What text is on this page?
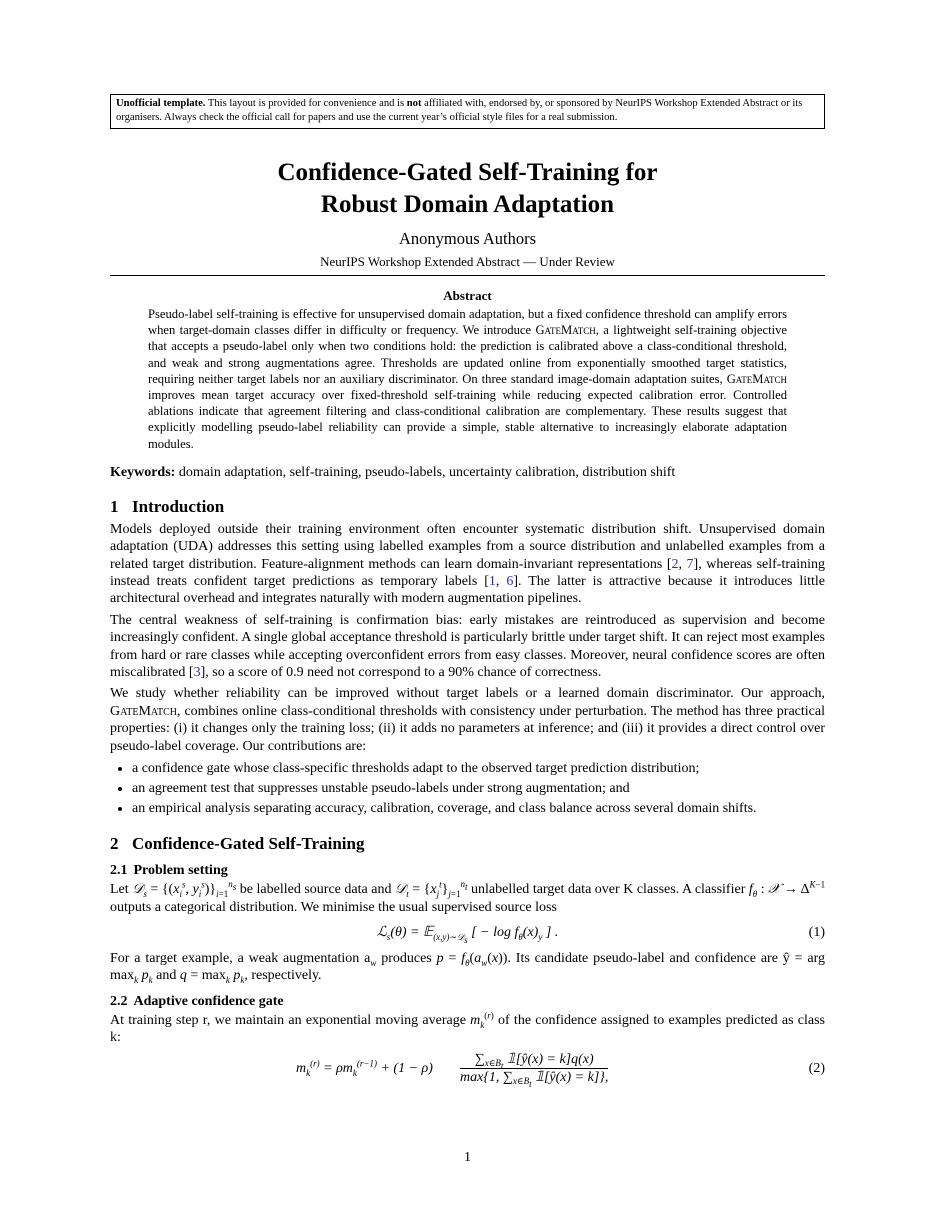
Unofficial template. This layout is provided for convenience and is not affiliated with, endorsed by, or sponsored by NeurIPS Workshop Extended Abstract or its organisers. Always check the official call for papers and use the current year’s official style files for a real submission.
Confidence-Gated Self-Training for
Robust Domain Adaptation
Anonymous Authors
NeurIPS Workshop Extended Abstract — Under Review
Abstract
Pseudo-label self-training is effective for unsupervised domain adaptation, but a fixed confidence threshold can amplify errors when target-domain classes differ in difficulty or frequency. We introduce GateMatch, a lightweight self-training objective that accepts a pseudo-label only when two conditions hold: the prediction is calibrated above a class-conditional threshold, and weak and strong augmentations agree. Thresholds are updated online from exponentially smoothed target statistics, requiring neither target labels nor an auxiliary discriminator. On three standard image-domain adaptation suites, GateMatch improves mean target accuracy over fixed-threshold self-training while reducing expected calibration error. Controlled ablations indicate that agreement filtering and class-conditional calibration are complementary. These results suggest that explicitly modelling pseudo-label reliability can provide a simple, stable alternative to increasingly elaborate adaptation modules.
Keywords: domain adaptation, self-training, pseudo-labels, uncertainty calibration, distribution shift
1 Introduction

Models deployed outside their training environment often encounter systematic distribution shift. Unsupervised domain adaptation (UDA) addresses this setting using labelled examples from a source distribution and unlabelled examples from a related target distribution. Feature-alignment methods can learn domain-invariant representations [2, 7], whereas self-training instead treats confident target predictions as temporary labels [1, 6]. The latter is attractive because it introduces little architectural overhead and integrates naturally with modern augmentation pipelines.

The central weakness of self-training is confirmation bias: early mistakes are reintroduced as supervision and become increasingly confident. A single global acceptance threshold is particularly brittle under target shift. It can reject most examples from hard or rare classes while accepting overconfident errors from easy classes. Moreover, neural confidence scores are often miscalibrated [3], so a score of 0.9 need not correspond to a 90% chance of correctness.

We study whether reliability can be improved without target labels or a learned domain discriminator. Our approach, GateMatch, combines online class-conditional thresholds with consistency under perturbation. The method has three practical properties: (i) it changes only the training loss; (ii) it adds no parameters at inference; and (iii) it provides a direct control over pseudo-label coverage. Our contributions are:

• a confidence gate whose class-specific thresholds adapt to the observed target prediction distribution;
• an agreement test that suppresses unstable pseudo-labels under strong augmentation; and
• an empirical analysis separating accuracy, calibration, coverage, and class balance across several domain shifts.
2 Confidence-Gated Self-Training
2.1 Problem setting

Let 𝒟$_s$ = {($x_i^s$, $y_i^s)\}_{i=1}^{n_s}$ be labelled source data and 𝒟$_t$ = $\{x_j^t\}_{j=1}^{n_t}$ unlabelled target data over K classes. A classifier $f_\theta$ : 𝒳 → $\Delta^{K-1}$ outputs a categorical distribution. We minimise the usual supervised source loss

ℒ$_s$(θ) = 𝔼$_{(x,y)\sim 𝒟_s}$ [ − $\log f_\theta(x)_y$ ] .	(1)

For a target example, a weak augmentation $a_w$ produces $p = f_\theta(a_w(x))$. Its candidate pseudo-label and confidence are ŷ = arg $\max_k p_k$ and $q = \max_k p_k$, respectively.

2.2 Adaptive confidence gate

At training step r, we maintain an exponential moving average $m_k^{(r)}$ of the confidence assigned to examples predicted as class k:

$m_k^{(r)} = \rho m_k^{(r-1)} + (1 - \rho)$
$\sum_{x\in B_t}$ 𝟙[ŷ(x) = k]q(x)
max{1, $\sum_{x\in B_t}$ 𝟙[ŷ(x) = k]},
(2)
1
